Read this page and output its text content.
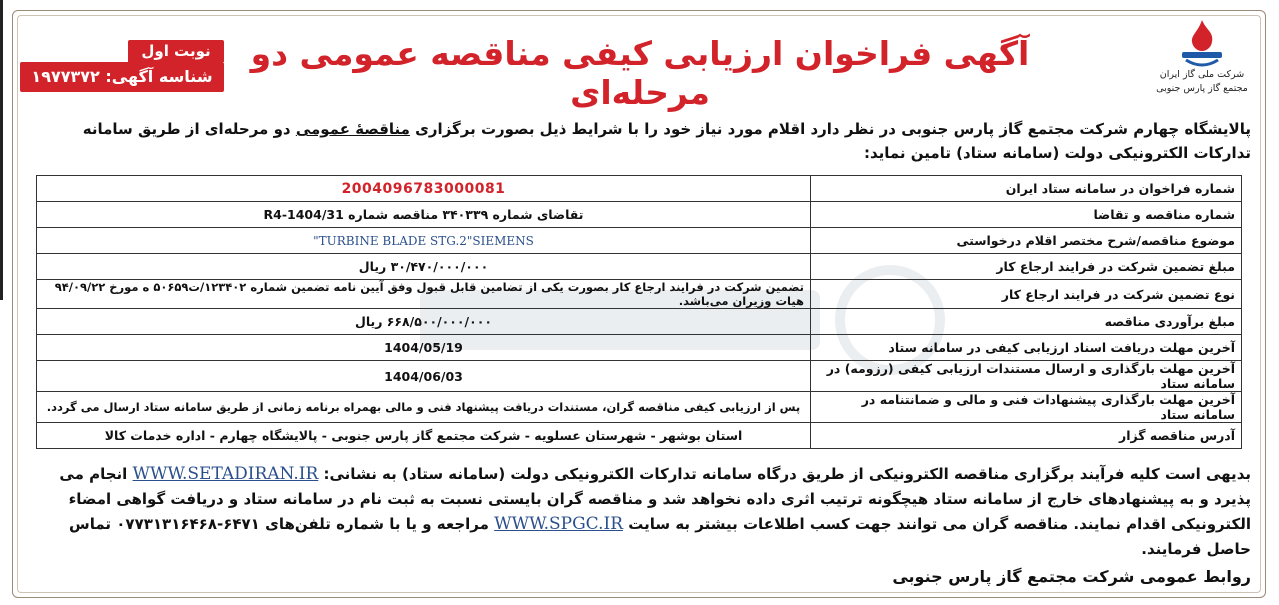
شرکت ملی گاز ایران
مجتمع گاز پارس جنوبی
آگهی فراخوان ارزیابی کیفی مناقصه عمومی دو مرحله‌ای
نوبت اول
شناسه آگهی: ۱۹۷۷۳۷۲
پالایشگاه چهارم شرکت مجتمع گاز پارس جنوبی در نظر دارد اقلام مورد نیاز خود را با شرایط ذیل بصورت برگزاری مناقصهٔ عمومی دو مرحله‌ای از طریق سامانه تدارکات الکترونیکی دولت (سامانه ستاد) تامین نماید:
شماره فراخوان در سامانه ستاد ایران	2004096783000081
شماره مناقصه و تقاضا	تقاضای شماره ۳۴۰۳۳۹ مناقصه شماره R4-1404/31
موضوع مناقصه/شرح مختصر اقلام درخواستی	TURBINE BLADE STG.2"SIEMENS"
مبلغ تضمین شرکت در فرایند ارجاع کار	۳۰/۴۷۰/۰۰۰/۰۰۰ ریال
نوع تضمین شرکت در فرایند ارجاع کار	تضمین شرکت در فرایند ارجاع کار بصورت یکی از تضامین قابل قبول وفق آیین نامه تضمین شماره ۱۲۳۴۰۲/ت۵۰۶۵۹ ه مورخ ۹۴/۰۹/۲۲ هیات وزیران می‌باشد.
مبلغ برآوردی مناقصه	۶۶۸/۵۰۰/۰۰۰/۰۰۰ ریال
آخرین مهلت دریافت اسناد ارزیابی کیفی در سامانه ستاد	1404/05/19
آخرین مهلت بارگذاری و ارسال مستندات ارزیابی کیفی (رزومه) در سامانه ستاد	1404/06/03
آخرین مهلت بارگذاری پیشنهادات فنی و مالی و ضمانتنامه در سامانه ستاد	پس از ارزیابی کیفی مناقصه گران، مستندات دریافت پیشنهاد فنی و مالی بهمراه برنامه زمانی از طریق سامانه ستاد ارسال می گردد.
آدرس مناقصه گزار	استان بوشهر - شهرستان عسلویه - شرکت مجتمع گاز پارس جنوبی - پالایشگاه چهارم - اداره خدمات کالا
بدیهی است کلیه فرآیند برگزاری مناقصه الکترونیکی از طریق درگاه سامانه تدارکات الکترونیکی دولت (سامانه ستاد) به نشانی: WWW.SETADIRAN.IR انجام می پذیرد و به پیشنهادهای خارج از سامانه ستاد هیچگونه ترتیب اثری داده نخواهد شد و مناقصه گران بایستی نسبت به ثبت نام در سامانه ستاد و دریافت گواهی امضاء الکترونیکی اقدام نمایند. مناقصه گران می توانند جهت کسب اطلاعات بیشتر به سایت WWW.SPGC.IR مراجعه و یا با شماره تلفن‌های ۶۴۷۱-۰۷۷۳۱۳۱۶۴۶۸ تماس حاصل فرمایند.
روابط عمومی شرکت مجتمع گاز پارس جنوبی
